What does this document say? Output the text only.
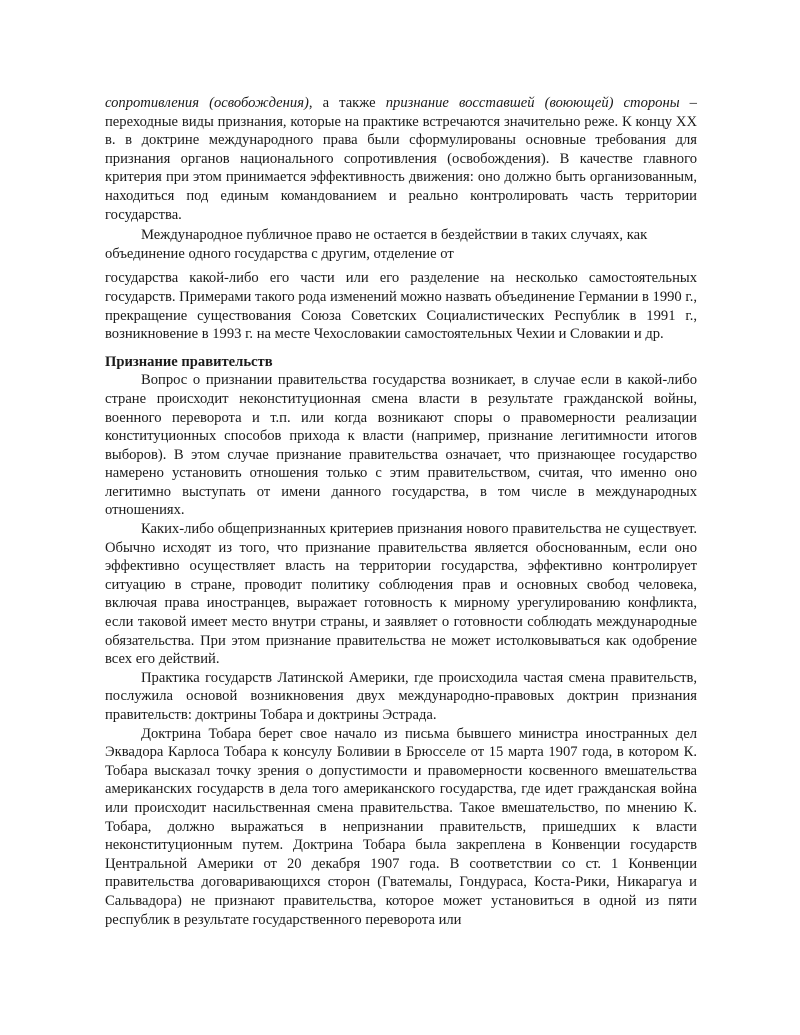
сопротивления (освобождения), а также признание восставшей (воюющей) стороны – переходные виды признания, которые на практике встречаются значительно реже. К концу XX в. в доктрине международного права были сформулированы основные требования для признания органов национального сопротивления (освобождения). В качестве главного критерия при этом принимается эффективность движения: оно должно быть организованным, находиться под единым командованием и реально контролировать часть территории государства.

Международное публичное право не остается в бездействии в таких случаях, как объединение одного государства с другим, отделение от

государства какой-либо его части или его разделение на несколько самостоятельных государств. Примерами такого рода изменений можно назвать объединение Германии в 1990 г., прекращение существования Союза Советских Социалистических Республик в 1991 г., возникновение в 1993 г. на месте Чехословакии самостоятельных Чехии и Словакии и др.

Признание правительств

Вопрос о признании правительства государства возникает, в случае если в какой-либо стране происходит неконституционная смена власти в результате гражданской войны, военного переворота и т.п. или когда возникают споры о правомерности реализации конституционных способов прихода к власти (например, признание легитимности итогов выборов). В этом случае признание правительства означает, что признающее государство намерено установить отношения только с этим правительством, считая, что именно оно легитимно выступать от имени данного государства, в том числе в международных отношениях.

Каких-либо общепризнанных критериев признания нового правительства не существует. Обычно исходят из того, что признание правительства является обоснованным, если оно эффективно осуществляет власть на территории государства, эффективно контролирует ситуацию в стране, проводит политику соблюдения прав и основных свобод человека, включая права иностранцев, выражает готовность к мирному урегулированию конфликта, если таковой имеет место внутри страны, и заявляет о готовности соблюдать международные обязательства. При этом признание правительства не может истолковываться как одобрение всех его действий.

Практика государств Латинской Америки, где происходила частая смена правительств, послужила основой возникновения двух международно-правовых доктрин признания правительств: доктрины Тобара и доктрины Эстрада.

Доктрина Тобара берет свое начало из письма бывшего министра иностранных дел Эквадора Карлоса Тобара к консулу Боливии в Брюсселе от 15 марта 1907 года, в котором К. Тобара высказал точку зрения о допустимости и правомерности косвенного вмешательства американских государств в дела того американского государства, где идет гражданская война или происходит насильственная смена правительства. Такое вмешательство, по мнению К. Тобара, должно выражаться в непризнании правительств, пришедших к власти неконституционным путем. Доктрина Тобара была закреплена в Конвенции государств Центральной Америки от 20 декабря 1907 года. В соответствии со ст. 1 Конвенции правительства договаривающихся сторон (Гватемалы, Гондураса, Коста-Рики, Никарагуа и Сальвадора) не признают правительства, которое может установиться в одной из пяти республик в результате государственного переворота или
